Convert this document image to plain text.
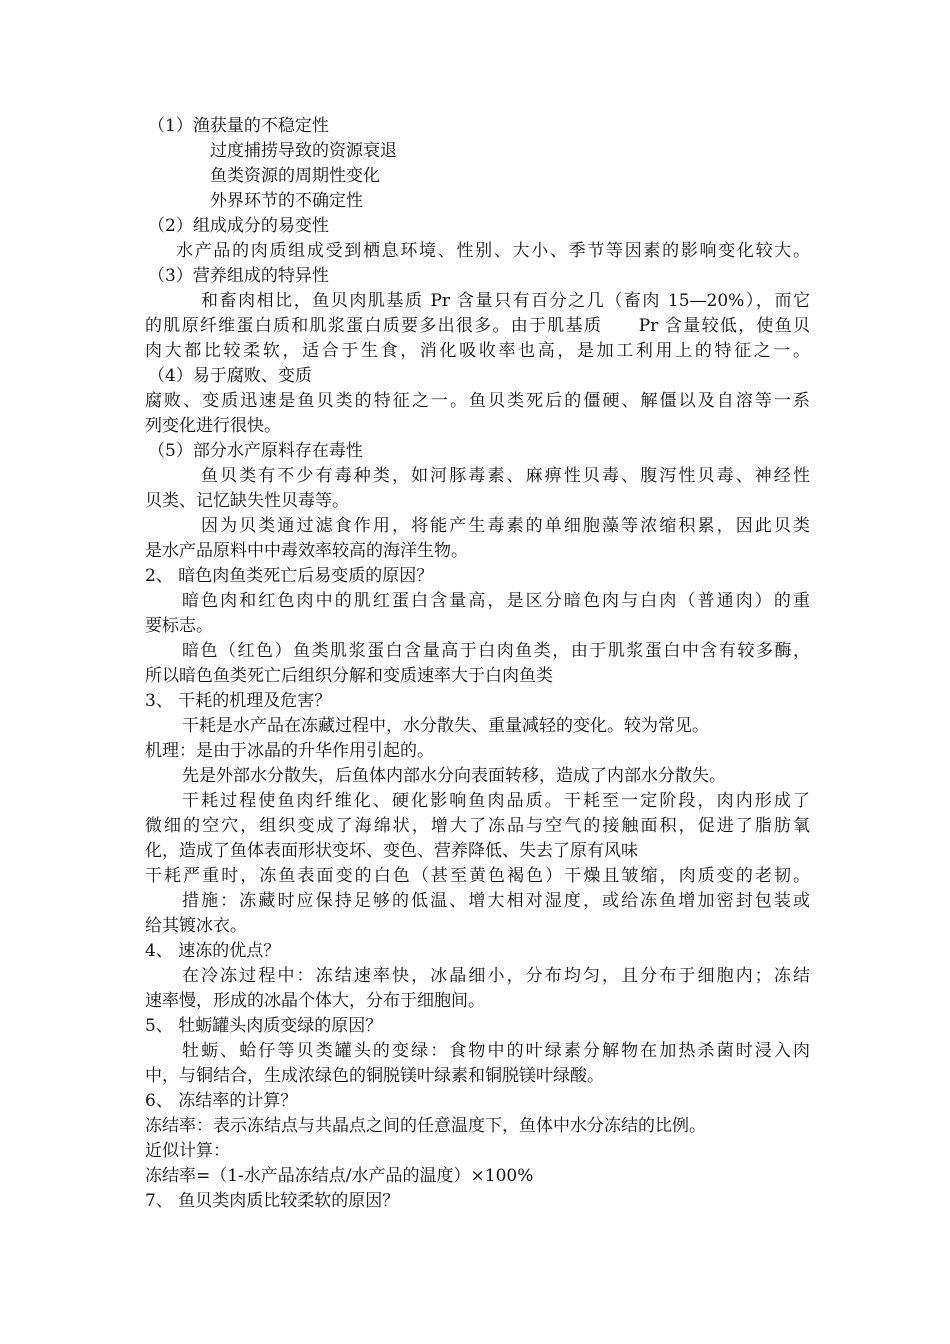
（1）渔获量的不稳定性
过度捕捞导致的资源衰退
鱼类资源的周期性变化
外界环节的不确定性
（2）组成成分的易变性
水产品的肉质组成受到栖息环境、性别、大小、季节等因素的影响变化较大。
（3）营养组成的特异性
和畜肉相比，鱼贝肉肌基质 Pr 含量只有百分之几（畜肉 15—20%），而它
的肌原纤维蛋白质和肌浆蛋白质要多出很多。由于肌基质　　Pr 含量较低，使鱼贝
肉大都比较柔软，适合于生食，消化吸收率也高，是加工利用上的特征之一。
（4）易于腐败、变质
腐败、变质迅速是鱼贝类的特征之一。鱼贝类死后的僵硬、解僵以及自溶等一系
列变化进行很快。
（5）部分水产原料存在毒性
鱼贝类有不少有毒种类，如河豚毒素、麻痹性贝毒、腹泻性贝毒、神经性
贝类、记忆缺失性贝毒等。
因为贝类通过滤食作用，将能产生毒素的单细胞藻等浓缩积累，因此贝类
是水产品原料中中毒效率较高的海洋生物。
2、 暗色肉鱼类死亡后易变质的原因？
暗色肉和红色肉中的肌红蛋白含量高，是区分暗色肉与白肉（普通肉）的重
要标志。
暗色（红色）鱼类肌浆蛋白含量高于白肉鱼类，由于肌浆蛋白中含有较多酶，
所以暗色鱼类死亡后组织分解和变质速率大于白肉鱼类
3、 干耗的机理及危害？
干耗是水产品在冻藏过程中，水分散失、重量减轻的变化。较为常见。
机理：是由于冰晶的升华作用引起的。
先是外部水分散失，后鱼体内部水分向表面转移，造成了内部水分散失。
干耗过程使鱼肉纤维化、硬化影响鱼肉品质。干耗至一定阶段，肉内形成了
微细的空穴，组织变成了海绵状，增大了冻品与空气的接触面积，促进了脂肪氧
化，造成了鱼体表面形状变坏、变色、营养降低、失去了原有风味
干耗严重时，冻鱼表面变的白色（甚至黄色褐色）干燥且皱缩，肉质变的老韧。
措施：冻藏时应保持足够的低温、增大相对湿度，或给冻鱼增加密封包装或
给其镀冰衣。
4、 速冻的优点？
在冷冻过程中：冻结速率快，冰晶细小，分布均匀，且分布于细胞内；冻结
速率慢，形成的冰晶个体大，分布于细胞间。
5、 牡蛎罐头肉质变绿的原因？
牡蛎、蛤仔等贝类罐头的变绿：食物中的叶绿素分解物在加热杀菌时浸入肉
中，与铜结合，生成浓绿色的铜脱镁叶绿素和铜脱镁叶绿酸。
6、 冻结率的计算？
冻结率：表示冻结点与共晶点之间的任意温度下，鱼体中水分冻结的比例。
近似计算：
冻结率=（1-水产品冻结点/水产品的温度）×100%
7、 鱼贝类肉质比较柔软的原因？
